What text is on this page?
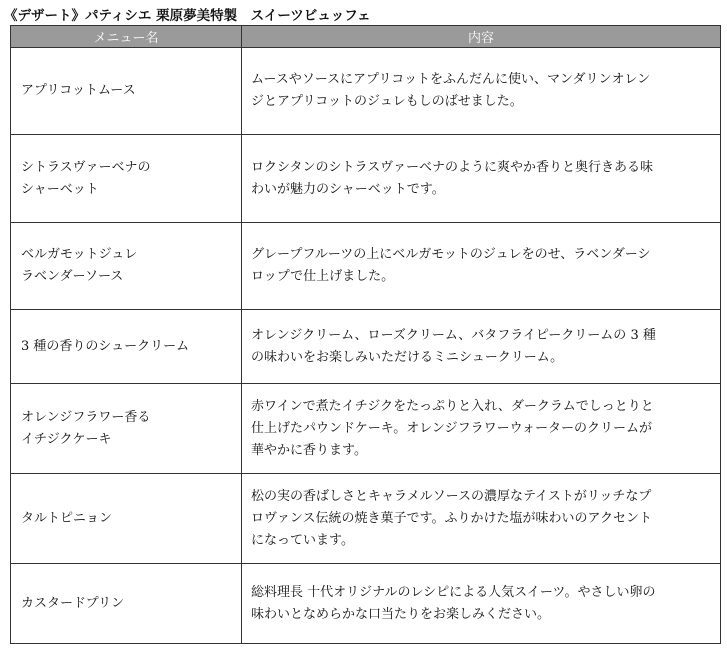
《デザート》パティシエ 栗原夢美特製　スイーツビュッフェ
メニュー名	内容

アプリコットムース	ムースやソースにアプリコットをふんだんに使い、マンダリンオレン
ジとアプリコットのジュレもしのばせました。

シトラスヴァーベナの
シャーベット	ロクシタンのシトラスヴァーベナのように爽やか香りと奥行きある味
わいが魅力のシャーベットです。

ベルガモットジュレ
ラベンダーソース	グレープフルーツの上にベルガモットのジュレをのせ、ラベンダーシ
ロップで仕上げました。

3 種の香りのシュークリーム	オレンジクリーム、ローズクリーム、バタフライピークリームの 3 種
の味わいをお楽しみいただけるミニシュークリーム。

オレンジフラワー香る
イチジクケーキ	赤ワインで煮たイチジクをたっぷりと入れ、ダークラムでしっとりと
仕上げたパウンドケーキ。オレンジフラワーウォーターのクリームが
華やかに香ります。

タルトピニョン	松の実の香ばしさとキャラメルソースの濃厚なテイストがリッチなプ
ロヴァンス伝統の焼き菓子です。ふりかけた塩が味わいのアクセント
になっています。

カスタードプリン	総料理長 十代オリジナルのレシピによる人気スイーツ。やさしい卵の
味わいとなめらかな口当たりをお楽しみください。
